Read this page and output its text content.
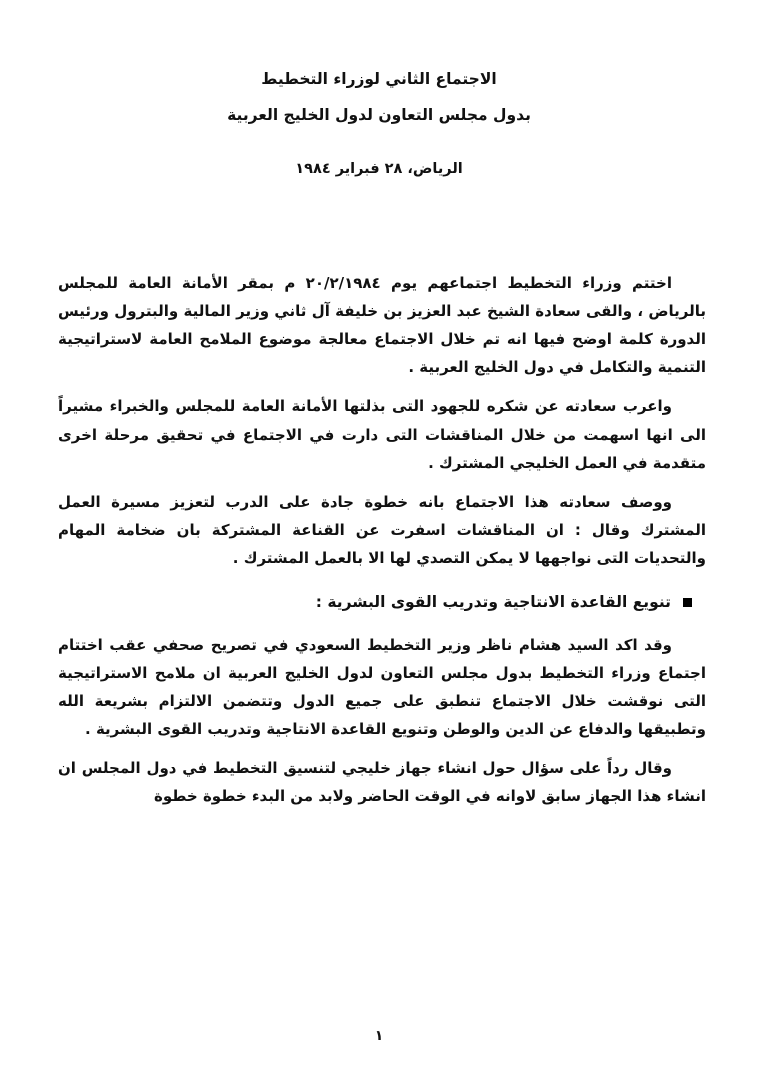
الاجتماع الثاني لوزراء التخطيط
بدول مجلس التعاون لدول الخليج العربية
الرياض، ٢٨ فبراير ١٩٨٤

اختتم وزراء التخطيط اجتماعهم يوم ٢٠/٢/١٩٨٤ م بمقر الأمانة العامة للمجلس بالرياض ، والقى سعادة الشيخ عبد العزيز بن خليفة آل ثاني وزير المالية والبترول ورئيس الدورة كلمة اوضح فيها انه تم خلال الاجتماع معالجة موضوع الملامح العامة لاستراتيجية التنمية والتكامل في دول الخليج العربية .

واعرب سعادته عن شكره للجهود التى بذلتها الأمانة العامة للمجلس والخبراء مشيراً الى انها اسهمت من خلال المناقشات التى دارت في الاجتماع في تحقيق مرحلة اخرى متقدمة في العمل الخليجي المشترك .

ووصف سعادته هذا الاجتماع بانه خطوة جادة على الدرب لتعزيز مسيرة العمل المشترك وقال : ان المناقشات اسفرت عن القناعة المشتركة بان ضخامة المهام والتحديات التى نواجهها لا يمكن التصدي لها الا بالعمل المشترك .

تنويع القاعدة الانتاجية وتدريب القوى البشرية :

وقد اكد السيد هشام ناظر وزير التخطيط السعودي في تصريح صحفي عقب اختتام اجتماع وزراء التخطيط بدول مجلس التعاون لدول الخليج العربية ان ملامح الاستراتيجية التى نوقشت خلال الاجتماع تنطبق على جميع الدول وتتضمن الالتزام بشريعة الله وتطبيقها والدفاع عن الدين والوطن وتنويع القاعدة الانتاجية وتدريب القوى البشرية .

وقال رداً على سؤال حول انشاء جهاز خليجي لتنسيق التخطيط في دول المجلس ان انشاء هذا الجهاز سابق لاوانه في الوقت الحاضر ولابد من البدء خطوة خطوة

١
